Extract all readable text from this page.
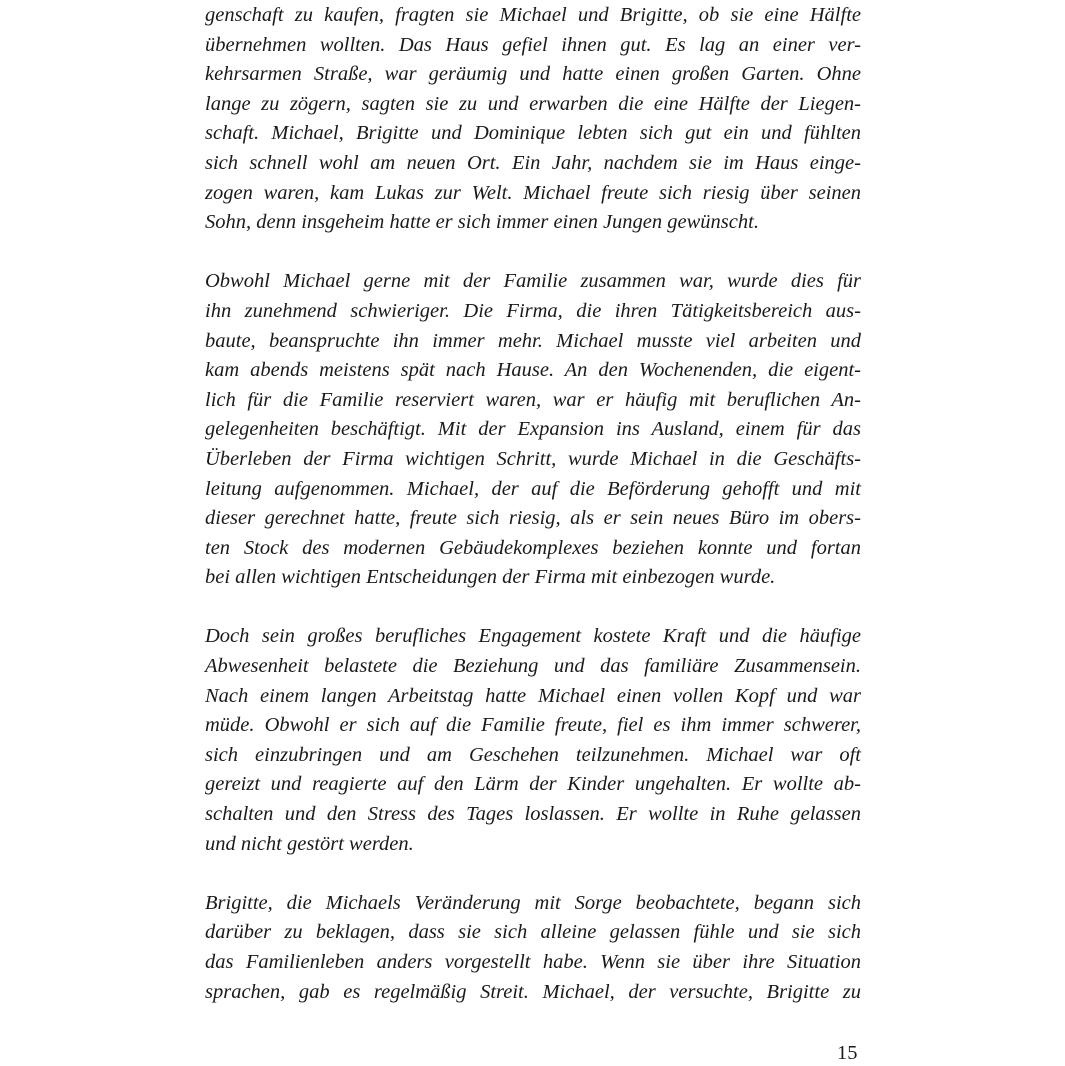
genschaft zu kaufen, fragten sie Michael und Brigitte, ob sie eine Hälfte
übernehmen wollten. Das Haus gefiel ihnen gut. Es lag an einer ver-
kehrsarmen Straße, war geräumig und hatte einen großen Garten. Ohne
lange zu zögern, sagten sie zu und erwarben die eine Hälfte der Liegen-
schaft. Michael, Brigitte und Dominique lebten sich gut ein und fühlten
sich schnell wohl am neuen Ort. Ein Jahr, nachdem sie im Haus einge-
zogen waren, kam Lukas zur Welt. Michael freute sich riesig über seinen
Sohn, denn insgeheim hatte er sich immer einen Jungen gewünscht.
Obwohl Michael gerne mit der Familie zusammen war, wurde dies für
ihn zunehmend schwieriger. Die Firma, die ihren Tätigkeitsbereich aus-
baute, beanspruchte ihn immer mehr. Michael musste viel arbeiten und
kam abends meistens spät nach Hause. An den Wochenenden, die eigent-
lich für die Familie reserviert waren, war er häufig mit beruflichen An-
gelegenheiten beschäftigt. Mit der Expansion ins Ausland, einem für das
Überleben der Firma wichtigen Schritt, wurde Michael in die Geschäfts-
leitung aufgenommen. Michael, der auf die Beförderung gehofft und mit
dieser gerechnet hatte, freute sich riesig, als er sein neues Büro im obers-
ten Stock des modernen Gebäudekomplexes beziehen konnte und fortan
bei allen wichtigen Entscheidungen der Firma mit einbezogen wurde.
Doch sein großes berufliches Engagement kostete Kraft und die häufige
Abwesenheit belastete die Beziehung und das familiäre Zusammensein.
Nach einem langen Arbeitstag hatte Michael einen vollen Kopf und war
müde. Obwohl er sich auf die Familie freute, fiel es ihm immer schwerer,
sich einzubringen und am Geschehen teilzunehmen. Michael war oft
gereizt und reagierte auf den Lärm der Kinder ungehalten. Er wollte ab-
schalten und den Stress des Tages loslassen. Er wollte in Ruhe gelassen
und nicht gestört werden.
Brigitte, die Michaels Veränderung mit Sorge beobachtete, begann sich
darüber zu beklagen, dass sie sich alleine gelassen fühle und sie sich
das Familienleben anders vorgestellt habe. Wenn sie über ihre Situation
sprachen, gab es regelmäßig Streit. Michael, der versuchte, Brigitte zu
15
